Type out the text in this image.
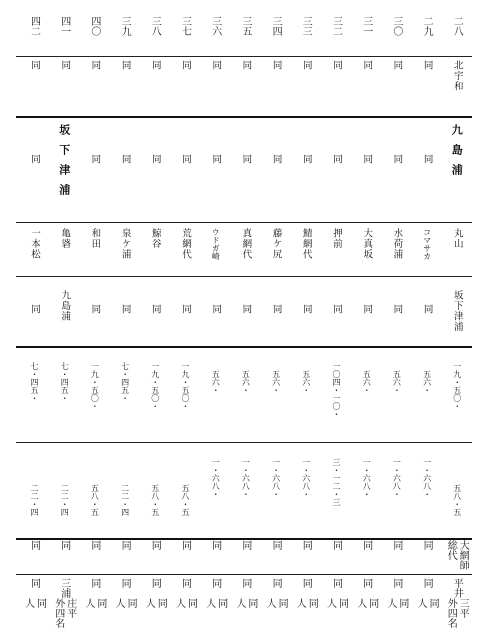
二八
北宇和
九島浦
丸山
坂下津浦
一九・五〇・
五八・五
大網師
総代
平井
三平
外四名
二九
同
同
コマサカ
同
五六・
一・六八・
同
同
同
人
三〇
同
同
水荷浦
同
五六・
一・六八・
同
同
同
人
三一
同
同
大真坂
同
五六・
一・六八・
同
同
同
人
三二
同
同
押前
同
一〇四・一〇・
三・一二・三
同
同
同
人
三三
同
同
鯖網代
同
五六・
一・六八・
同
同
同
人
三四
同
同
藤ケ尻
同
五六・
一・六八・
同
同
同
人
三五
同
同
真網代
同
五六・
一・六八・
同
同
同
人
三六
同
同
ウドガ崎
同
五六・
一・六八・
同
同
同
人
三七
同
同
荒網代
同
一九・五〇・
五八・五
同
同
同
人
三八
同
同
鯨谷
同
一九・五〇・
五八・五
同
同
同
人
三九
同
同
泉ケ浦
同
七・四五・
二二・四
同
同
同
人
四〇
同
同
和田
同
一九・五〇・
五八・五
同
同
同
人
四一
同
坂下津浦
亀碆
九島浦
七・四五・
二二・四
同
三浦
庄平
外四名
四二
同
同
一本松
同
七・四五・
二二・四
同
同
同
人
